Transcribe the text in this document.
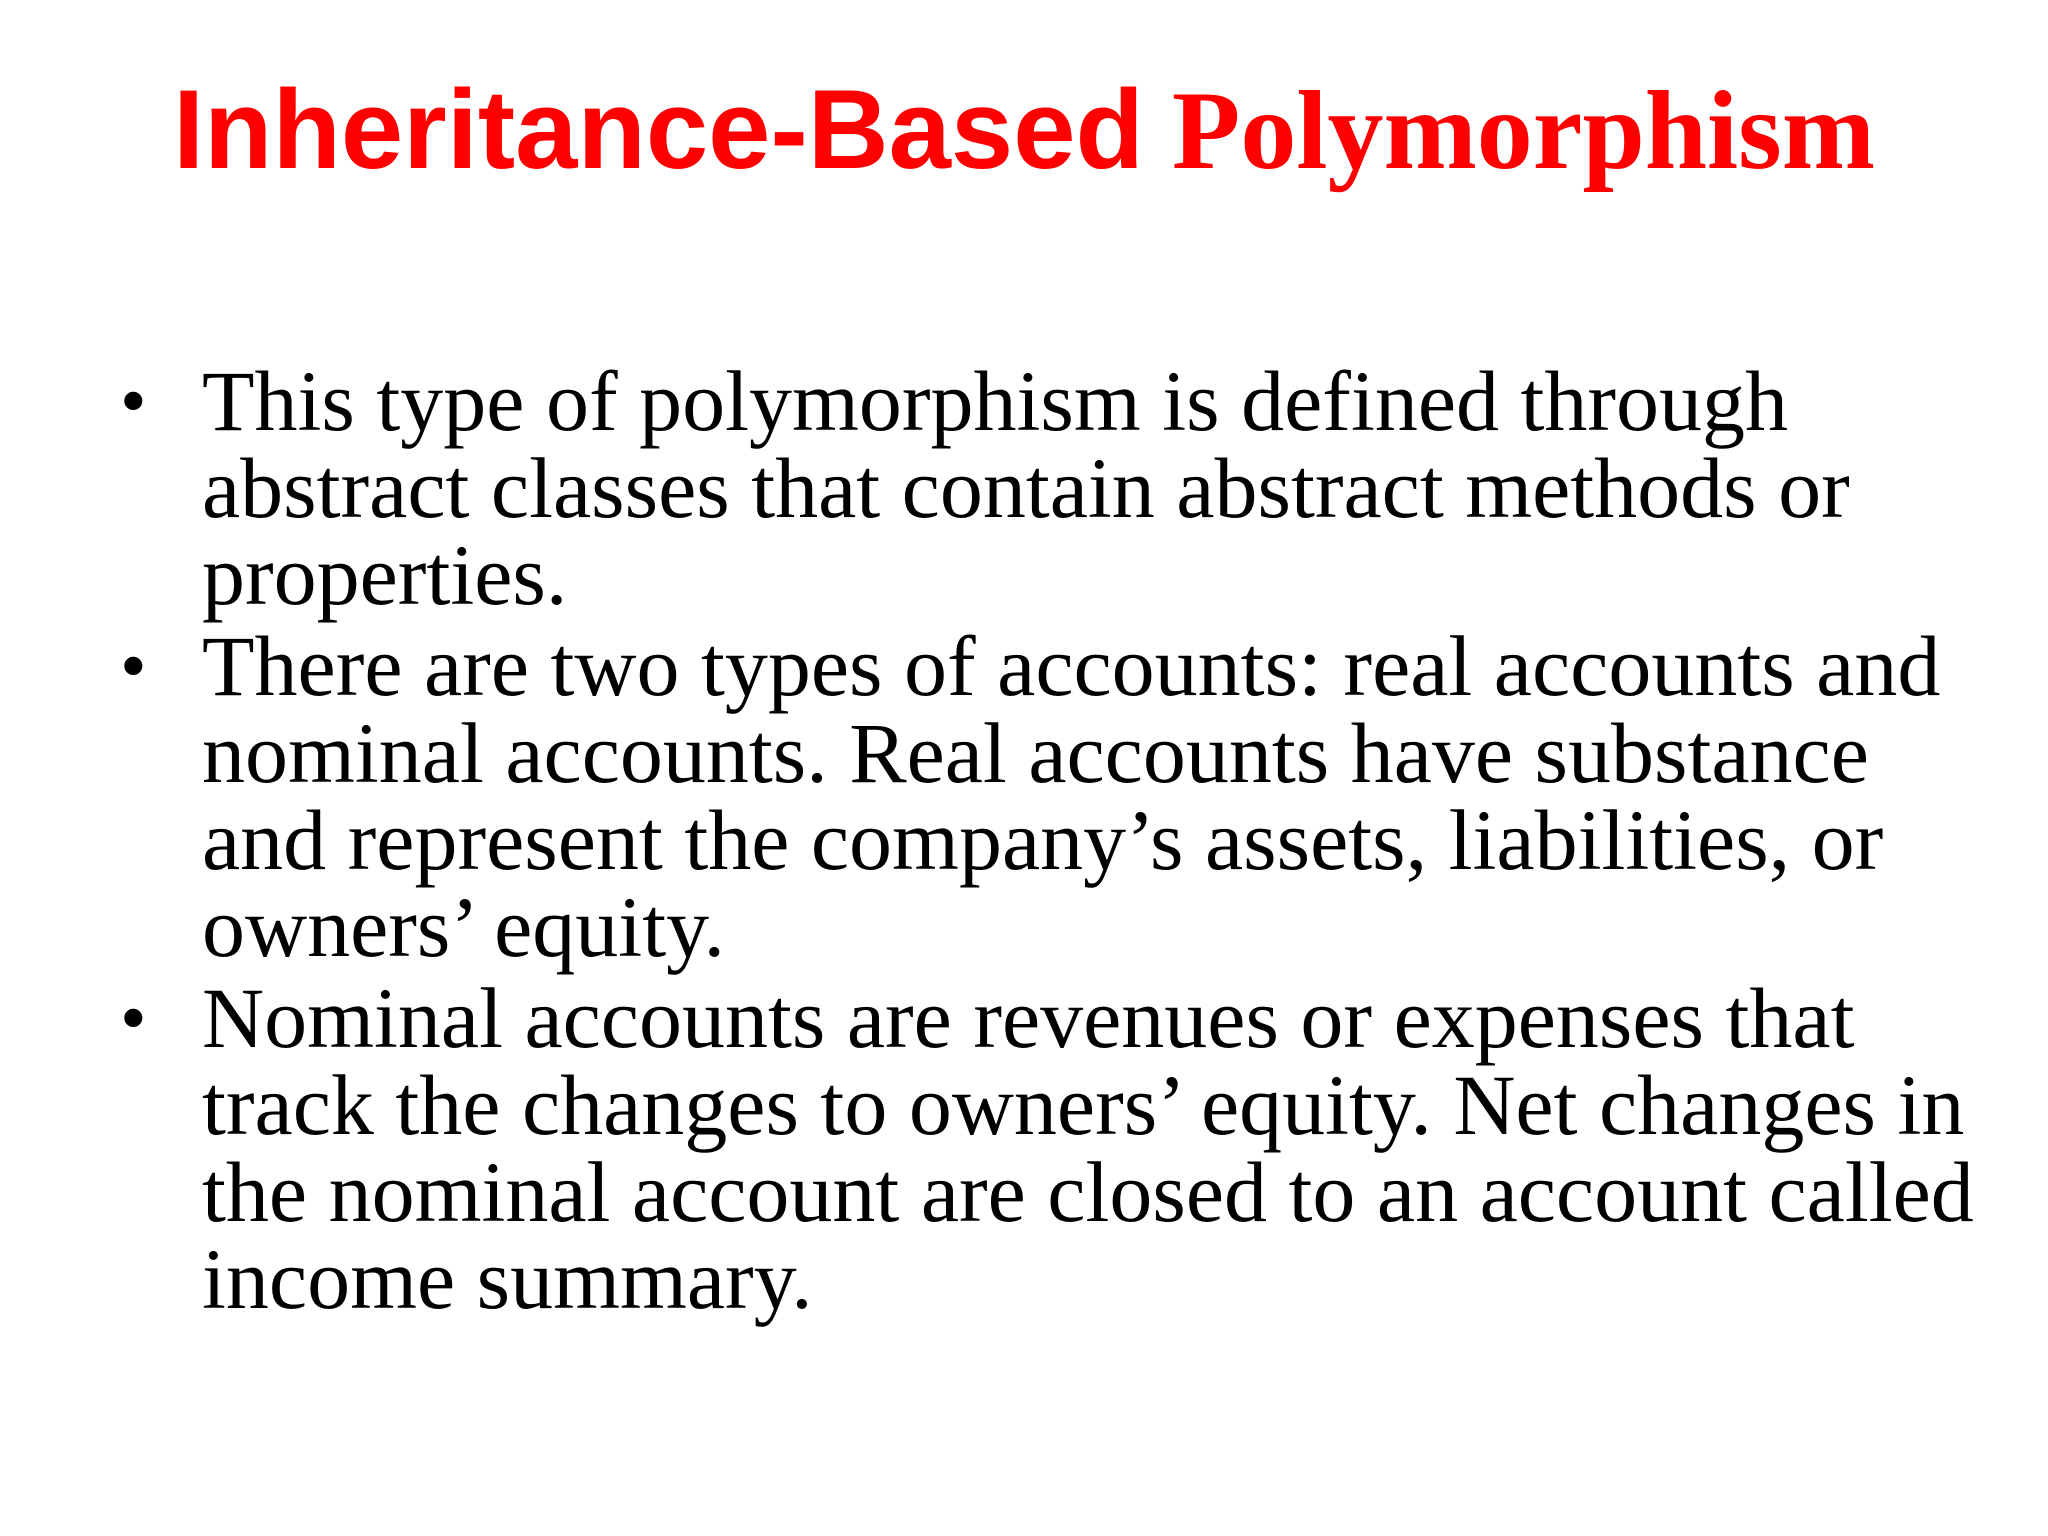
Inheritance-Based Polymorphism
• This type of polymorphism is defined through abstract classes that contain abstract methods or properties.
• There are two types of accounts: real accounts and nominal accounts. Real accounts have substance and represent the company’s assets, liabilities, or owners’ equity.
• Nominal accounts are revenues or expenses that track the changes to owners’ equity. Net changes in the nominal account are closed to an account called income summary.
